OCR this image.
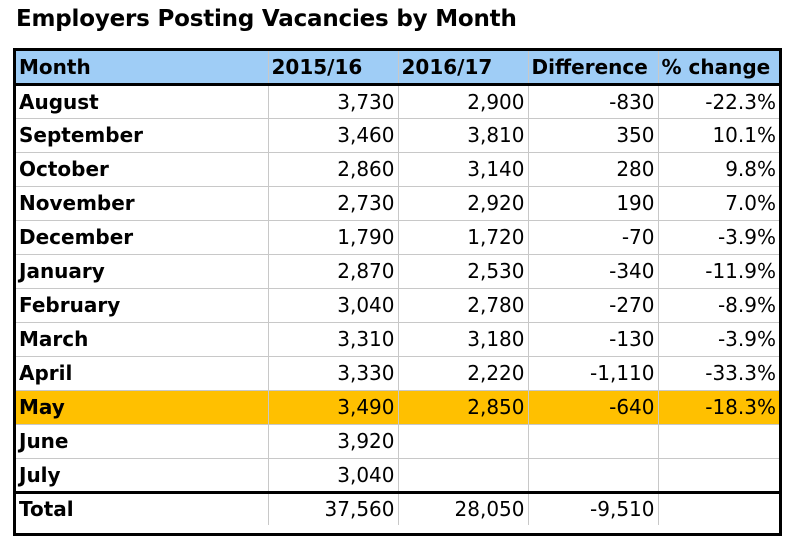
Employers Posting Vacancies by Month
Month	2015/16	2016/17	Difference	% change
August	3,730	2,900	-830	-22.3%
September	3,460	3,810	350	10.1%
October	2,860	3,140	280	9.8%
November	2,730	2,920	190	7.0%
December	1,790	1,720	-70	-3.9%
January	2,870	2,530	-340	-11.9%
February	3,040	2,780	-270	-8.9%
March	3,310	3,180	-130	-3.9%
April	3,330	2,220	-1,110	-33.3%
May	3,490	2,850	-640	-18.3%
June	3,920			
July	3,040			
Total	37,560	28,050	-9,510	
